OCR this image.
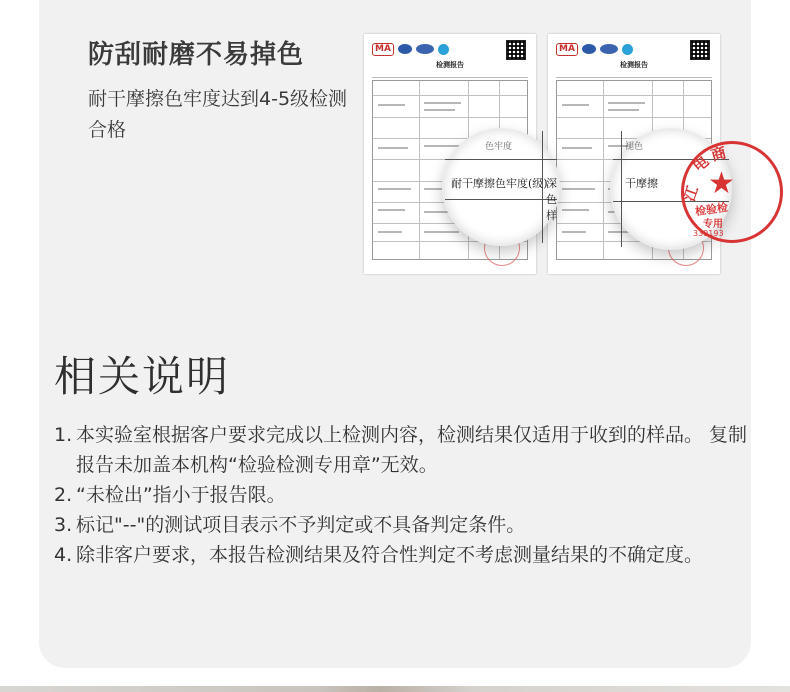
防刮耐磨不易掉色
耐干摩擦色牢度达到4-5级检测合格
MA
检测报告
MA
检测报告
耐干摩擦色牢度(级)
色牢度
深
色
样
褪色
干摩擦
江
电
商
★
检验检
专用
330193
相关说明

1. 本实验室根据客户要求完成以上检测内容，检测结果仅适用于收到的样品。 复制报告未加盖本机构“检验检测专用章”无效。

2. “未检出”指小于报告限。

3. 标记"--"的测试项目表示不予判定或不具备判定条件。

4. 除非客户要求，本报告检测结果及符合性判定不考虑测量结果的不确定度。
